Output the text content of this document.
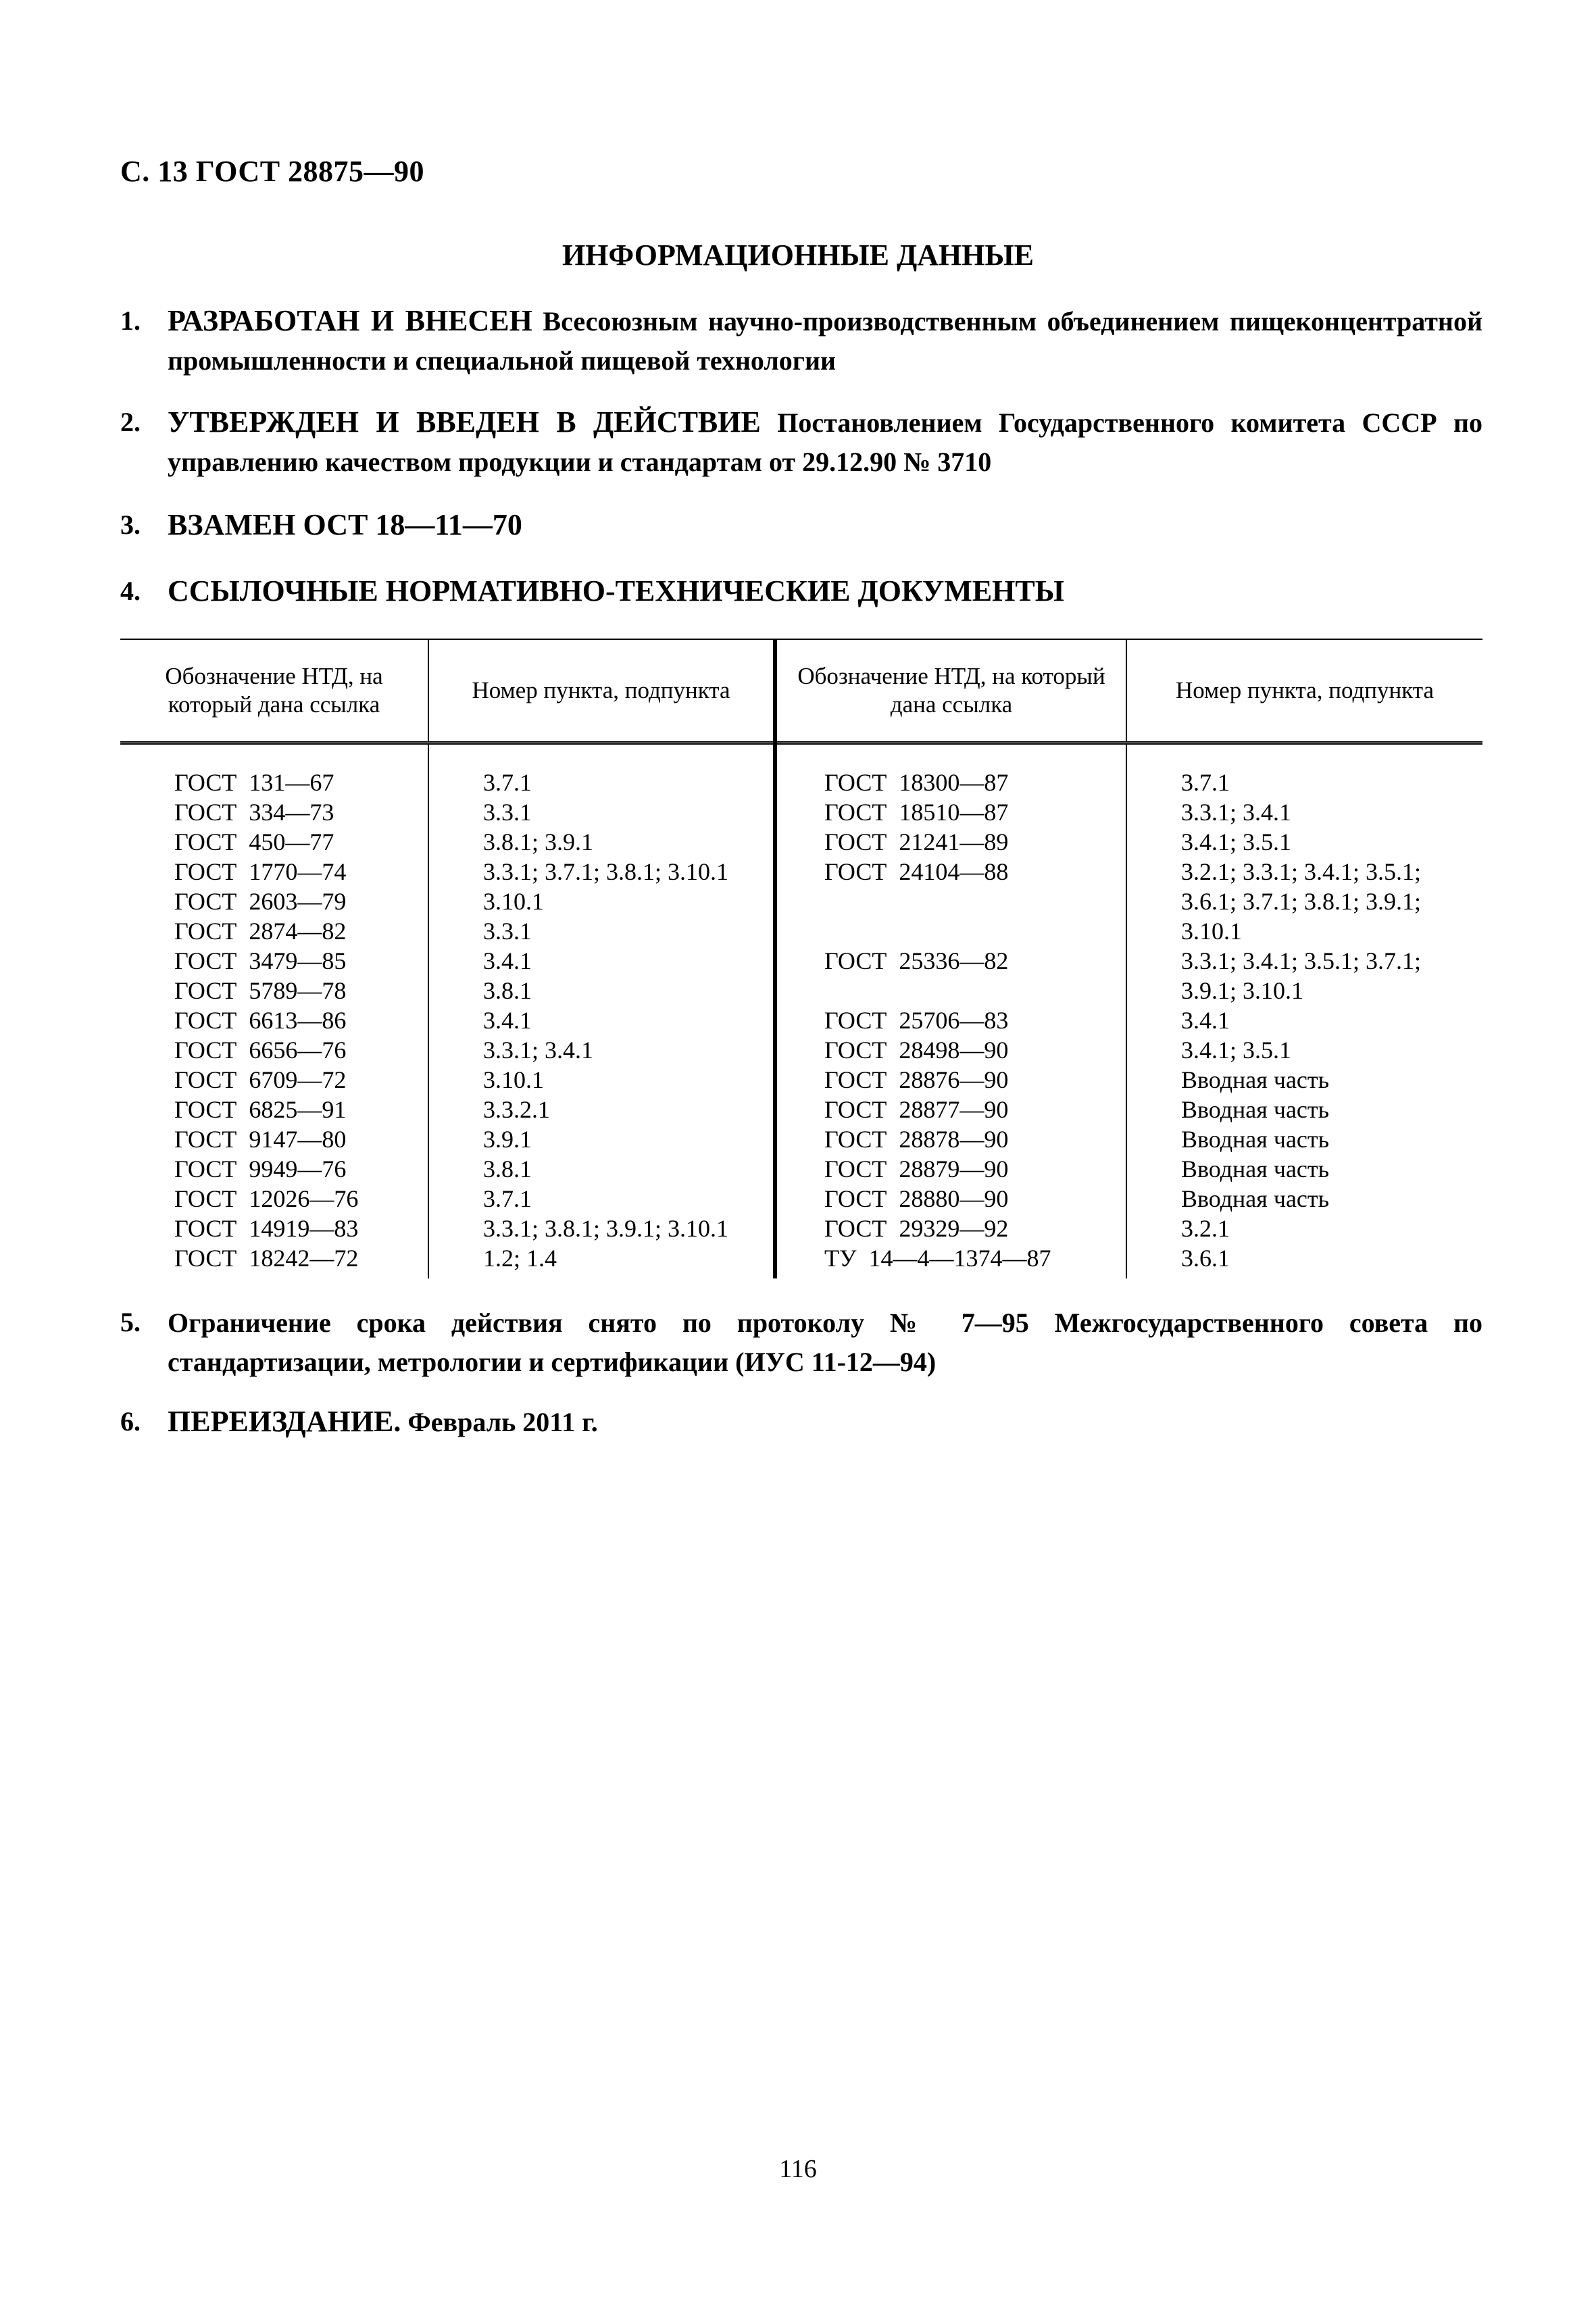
С. 13 ГОСТ 28875—90
ИНФОРМАЦИОННЫЕ ДАННЫЕ
1. РАЗРАБОТАН И ВНЕСЕН Всесоюзным научно-производственным объединением пищеконцентратной промышленности и специальной пищевой технологии
2. УТВЕРЖДЕН И ВВЕДЕН В ДЕЙСТВИЕ Постановлением Государственного комитета СССР по управлению качеством продукции и стандартам от 29.12.90 № 3710
3. ВЗАМЕН ОСТ 18—11—70
4. ССЫЛОЧНЫЕ НОРМАТИВНО-ТЕХНИЧЕСКИЕ ДОКУМЕНТЫ
Обозначение НТД, на который дана ссылка	Номер пункта, подпункта	Обозначение НТД, на который дана ссылка	Номер пункта, подпункта
ГОСТ  131—67	3.7.1	ГОСТ  18300—87	3.7.1
ГОСТ  334—73	3.3.1	ГОСТ  18510—87	3.3.1; 3.4.1
ГОСТ  450—77	3.8.1; 3.9.1	ГОСТ  21241—89	3.4.1; 3.5.1
ГОСТ  1770—74	3.3.1; 3.7.1; 3.8.1; 3.10.1	ГОСТ  24104—88	3.2.1; 3.3.1; 3.4.1; 3.5.1;
ГОСТ  2603—79	3.10.1		3.6.1; 3.7.1; 3.8.1; 3.9.1;
ГОСТ  2874—82	3.3.1		3.10.1
ГОСТ  3479—85	3.4.1	ГОСТ  25336—82	3.3.1; 3.4.1; 3.5.1; 3.7.1;
ГОСТ  5789—78	3.8.1		3.9.1; 3.10.1
ГОСТ  6613—86	3.4.1	ГОСТ  25706—83	3.4.1
ГОСТ  6656—76	3.3.1; 3.4.1	ГОСТ  28498—90	3.4.1; 3.5.1
ГОСТ  6709—72	3.10.1	ГОСТ  28876—90	Вводная часть
ГОСТ  6825—91	3.3.2.1	ГОСТ  28877—90	Вводная часть
ГОСТ  9147—80	3.9.1	ГОСТ  28878—90	Вводная часть
ГОСТ  9949—76	3.8.1	ГОСТ  28879—90	Вводная часть
ГОСТ  12026—76	3.7.1	ГОСТ  28880—90	Вводная часть
ГОСТ  14919—83	3.3.1; 3.8.1; 3.9.1; 3.10.1	ГОСТ  29329—92	3.2.1
ГОСТ  18242—72	1.2; 1.4	ТУ  14—4—1374—87	3.6.1
5.	Ограничение срока действия снято по протоколу № 7—95 Межгосударственного совета по стандартизации, метрологии и сертификации (ИУС 11-12—94)
6. ПЕРЕИЗДАНИЕ. Февраль 2011 г.
116
